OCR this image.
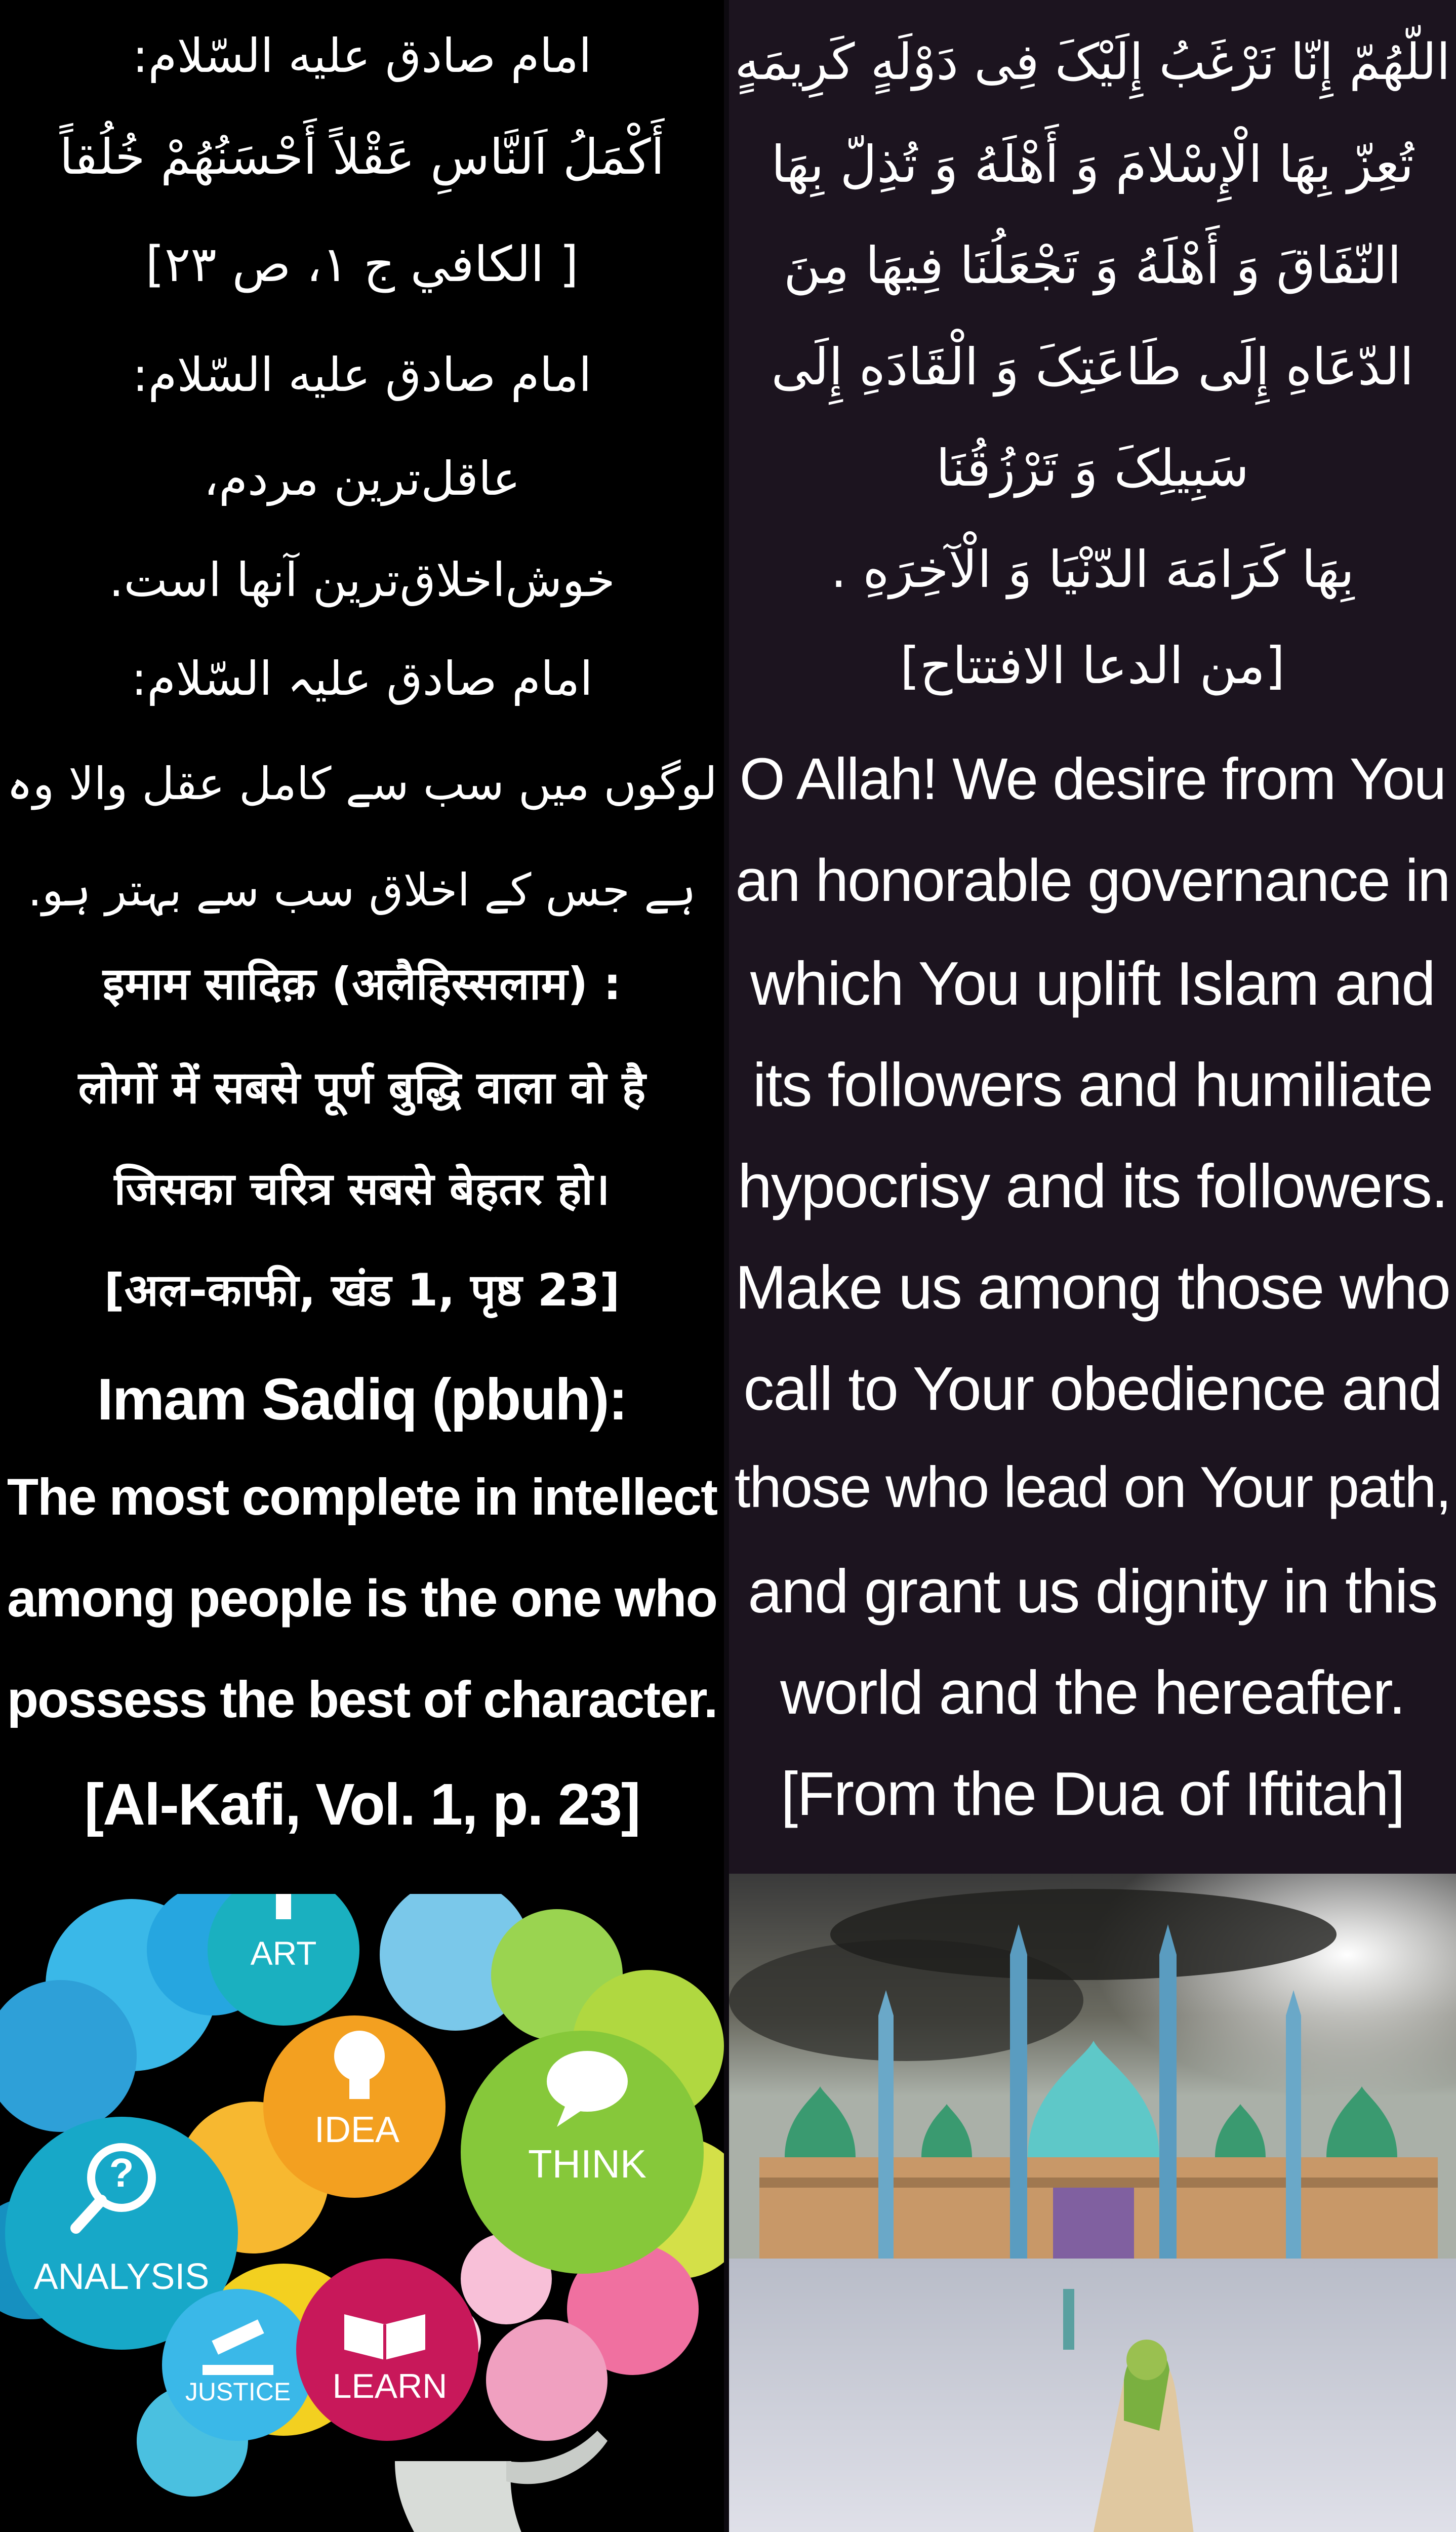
امام صادق علیه السّلام:
أَكْمَلُ اَلنَّاسِ عَقْلاً أَحْسَنُهُمْ خُلُقاً
[ الكافي ج ۱، ص ۲۳]
امام صادق علیه السّلام:
عاقل‌ترین مردم،
خوش‌اخلاق‌ترین آنها است.
امام صادق علیہ السّلام:
لوگوں میں سب سے کامل عقل والا وہ
ہے جس کے اخلاق سب سے بہتر ہو.
इमाम सादिक़ (अलैहिस्सलाम) :
लोगों में सबसे पूर्ण बुद्धि वाला वो है
जिसका चरित्र सबसे बेहतर हो।
[अल-काफी, खंड 1, पृष्ठ 23]
Imam Sadiq (pbuh):
The most complete in intellect
among people is the one who
possess the best of character.
[Al-Kafi, Vol. 1, p. 23]
?
ANALYSIS
ART
IDEA
THINK
JUSTICE LEARN
اللّهُمّ إِنّا نَرْغَبُ إِلَيْکَ فِی دَوْلَهٍ کَرِیمَهٍ
تُعِزّ بِهَا الْإِسْلامَ وَ أَهْلَهُ وَ تُذِلّ بِهَا
النّفَاقَ وَ أَهْلَهُ وَ تَجْعَلُنَا فِيهَا مِنَ
الدّعَاهِ إِلَى طَاعَتِکَ وَ الْقَادَهِ إِلَى
سَبِیلِکَ وَ تَرْزُقُنَا
بِهَا کَرَامَهَ الدّنْیَا وَ الْآخِرَهِ .
[من الدعا الافتتاح]
O Allah! We desire from You
an honorable governance in
which You uplift Islam and
its followers and humiliate
hypocrisy and its followers.
Make us among those who
call to Your obedience and
those who lead on Your path,
and grant us dignity in this
world and the hereafter.
[From the Dua of Iftitah]
